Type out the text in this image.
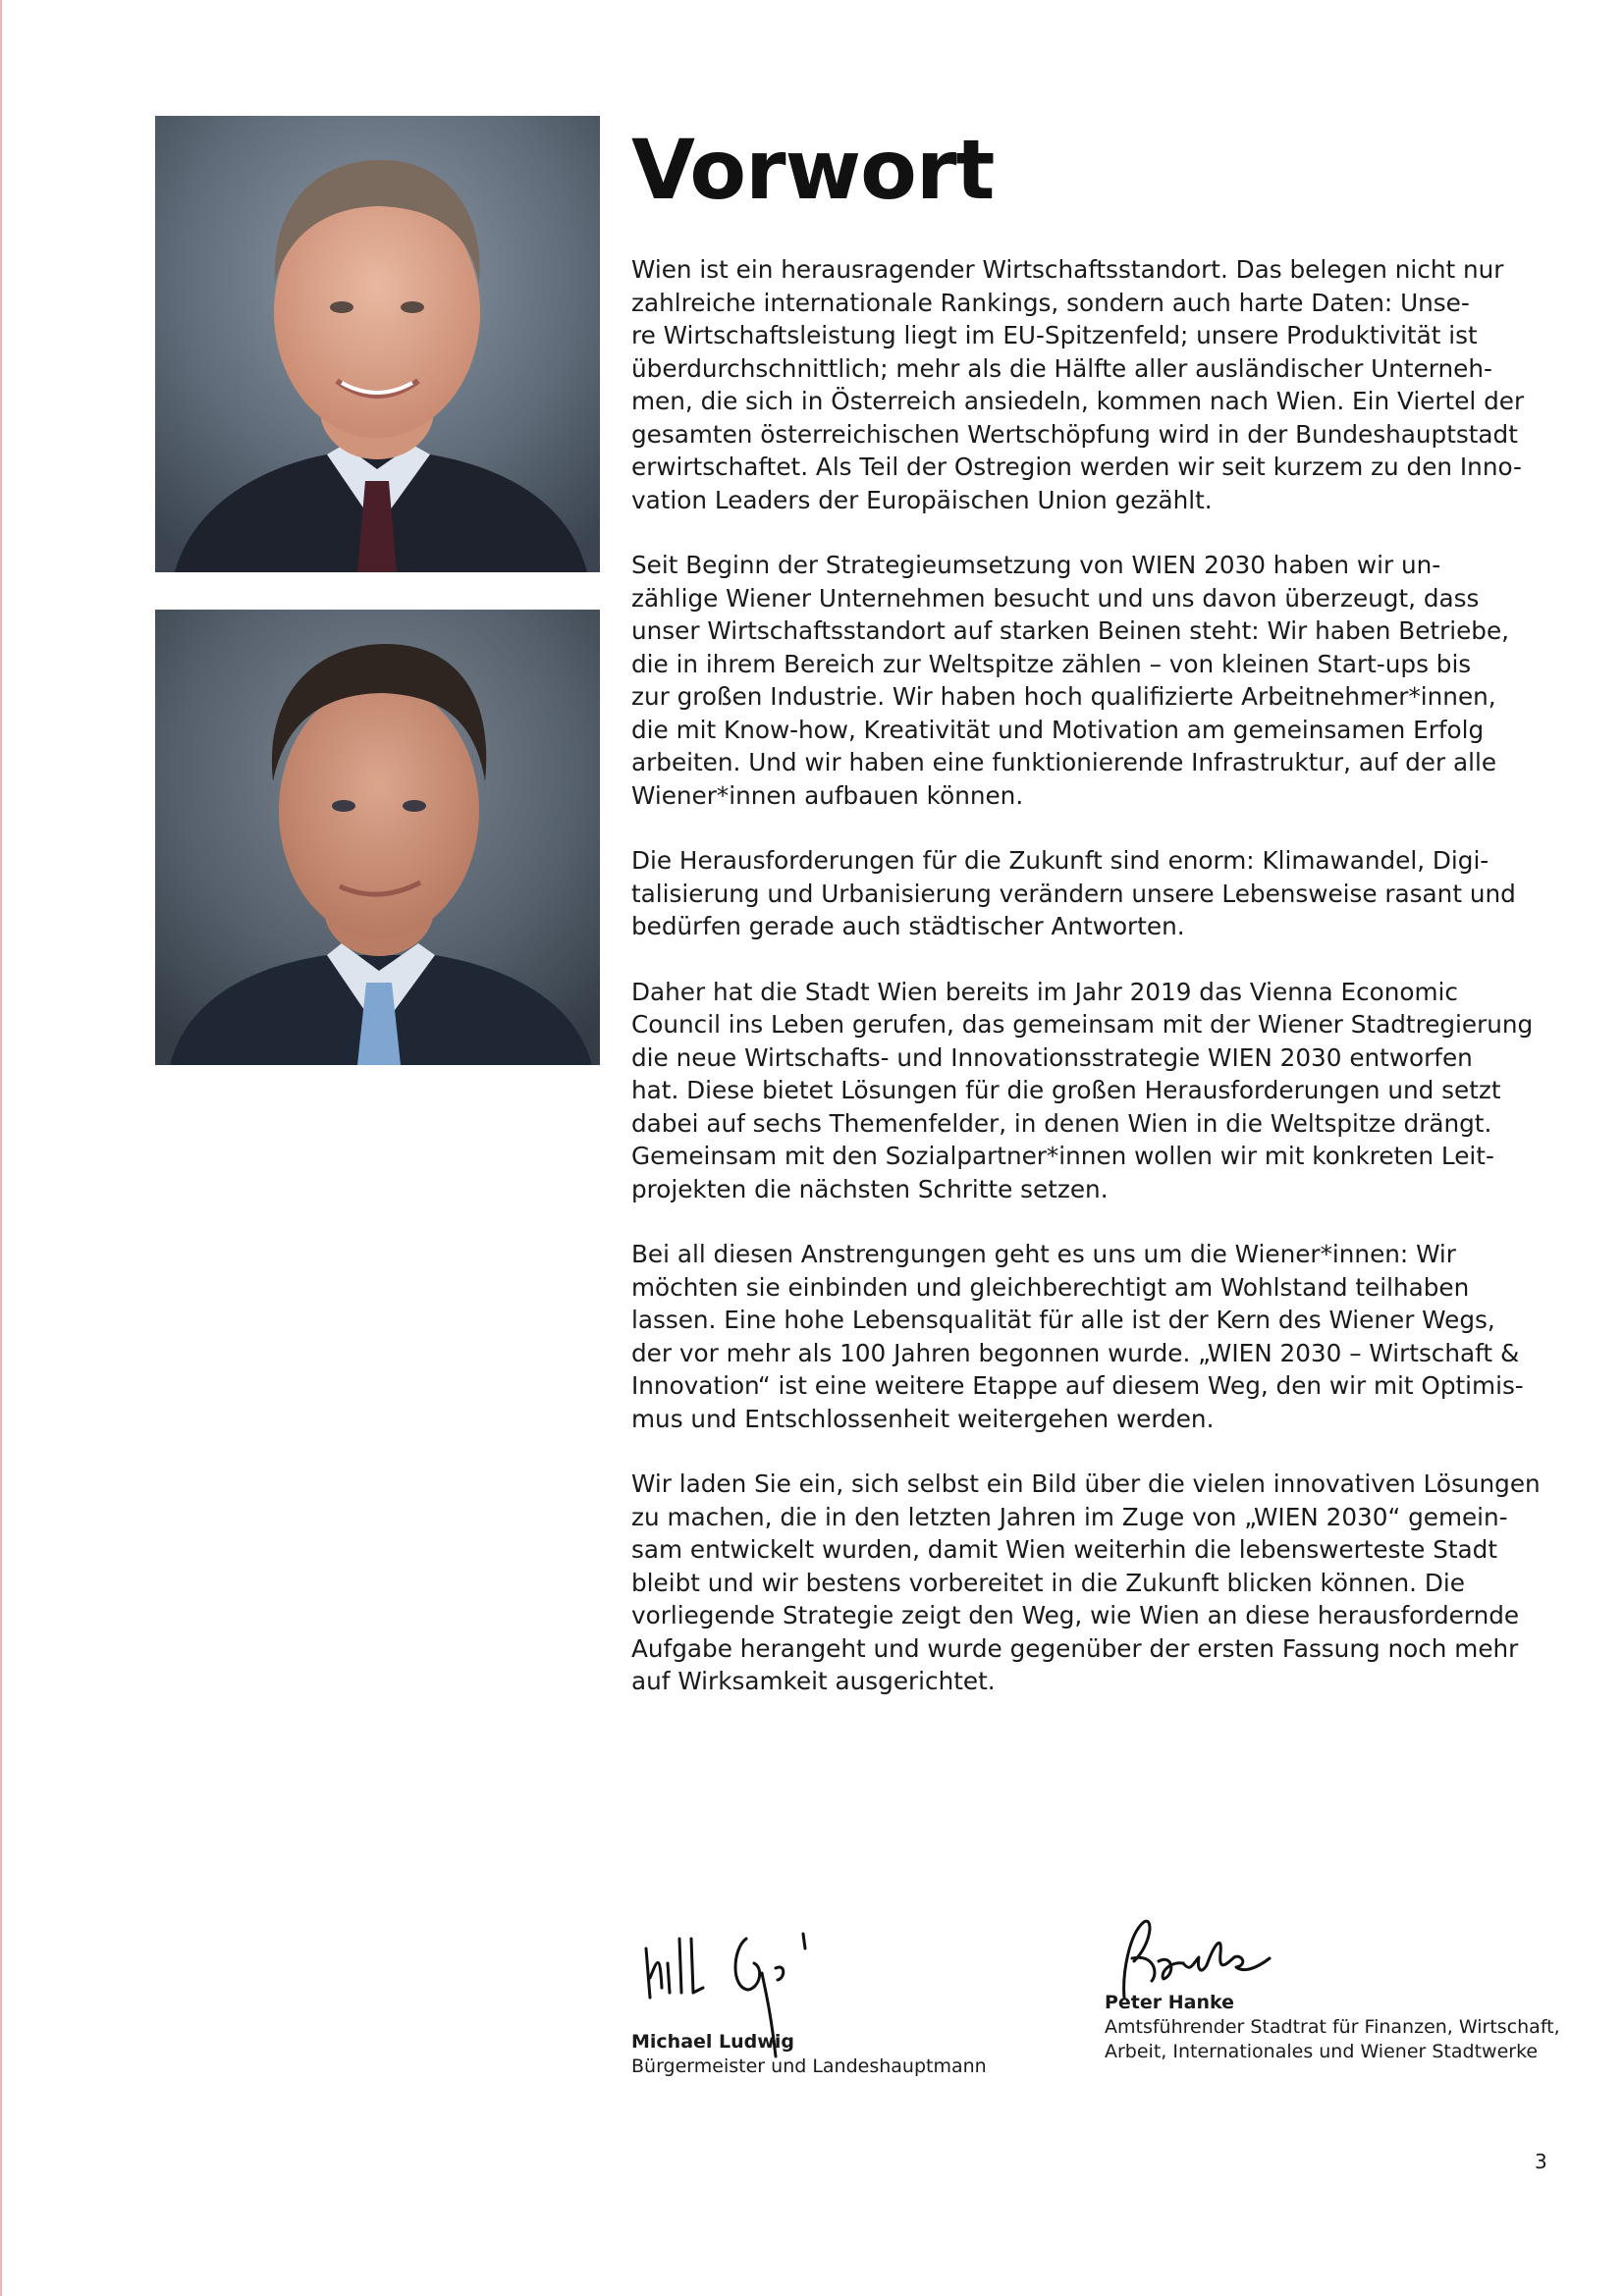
Vorwort

Wien ist ein herausragender Wirtschaftsstandort. Das belegen nicht nur
zahlreiche internationale Rankings, sondern auch harte Daten: Unse-
re Wirtschaftsleistung liegt im EU-Spitzenfeld; unsere Produktivität ist
überdurchschnittlich; mehr als die Hälfte aller ausländischer Unterneh-
men, die sich in Österreich ansiedeln, kommen nach Wien. Ein Viertel der
gesamten österreichischen Wertschöpfung wird in der Bundeshauptstadt
erwirtschaftet. Als Teil der Ostregion werden wir seit kurzem zu den Inno-
vation Leaders der Europäischen Union gezählt.

Seit Beginn der Strategieumsetzung von WIEN 2030 haben wir un-
zählige Wiener Unternehmen besucht und uns davon überzeugt, dass
unser Wirtschaftsstandort auf starken Beinen steht: Wir haben Betriebe,
die in ihrem Bereich zur Weltspitze zählen – von kleinen Start-ups bis
zur großen Industrie. Wir haben hoch qualifizierte Arbeitnehmer*innen,
die mit Know-how, Kreativität und Motivation am gemeinsamen Erfolg
arbeiten. Und wir haben eine funktionierende Infrastruktur, auf der alle
Wiener*innen aufbauen können.

Die Herausforderungen für die Zukunft sind enorm: Klimawandel, Digi-
talisierung und Urbanisierung verändern unsere Lebensweise rasant und
bedürfen gerade auch städtischer Antworten.

Daher hat die Stadt Wien bereits im Jahr 2019 das Vienna Economic
Council ins Leben gerufen, das gemeinsam mit der Wiener Stadtregierung
die neue Wirtschafts- und Innovationsstrategie WIEN 2030 entworfen
hat. Diese bietet Lösungen für die großen Herausforderungen und setzt
dabei auf sechs Themenfelder, in denen Wien in die Weltspitze drängt.
Gemeinsam mit den Sozialpartner*innen wollen wir mit konkreten Leit-
projekten die nächsten Schritte setzen.

Bei all diesen Anstrengungen geht es uns um die Wiener*innen: Wir
möchten sie einbinden und gleichberechtigt am Wohlstand teilhaben
lassen. Eine hohe Lebensqualität für alle ist der Kern des Wiener Wegs,
der vor mehr als 100 Jahren begonnen wurde. „WIEN 2030 – Wirtschaft &
Innovation“ ist eine weitere Etappe auf diesem Weg, den wir mit Optimis-
mus und Entschlossenheit weitergehen werden.

Wir laden Sie ein, sich selbst ein Bild über die vielen innovativen Lösungen
zu machen, die in den letzten Jahren im Zuge von „WIEN 2030“ gemein-
sam entwickelt wurden, damit Wien weiterhin die lebenswerteste Stadt
bleibt und wir bestens vorbereitet in die Zukunft blicken können. Die
vorliegende Strategie zeigt den Weg, wie Wien an diese herausfordernde
Aufgabe herangeht und wurde gegenüber der ersten Fassung noch mehr
auf Wirksamkeit ausgerichtet.

Michael Ludwig
Bürgermeister und Landeshauptmann
Peter Hanke
Amtsführender Stadtrat für Finanzen, Wirtschaft,
Arbeit, Internationales und Wiener Stadtwerke
3
